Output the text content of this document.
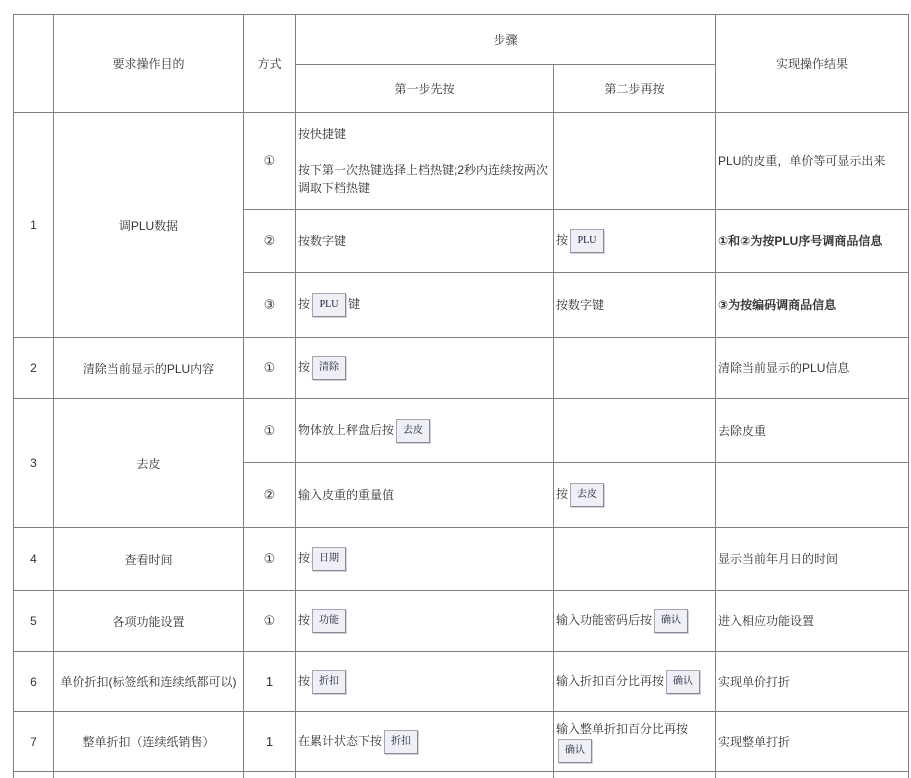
	要求操作目的	方式	步骤		实现操作结果
			第一步先按	第二步再按	
1	调PLU数据	①	按快捷键

按下第一次热键选择上档热键;2秒内连续按两次调取下档热键		PLU的皮重，单价等可显示出来
		②	按数字键	按 PLU	①和②为按PLU序号调商品信息
		③	按 PLU 键	按数字键	③为按编码调商品信息
2	清除当前显示的PLU内容	①	按 清除		清除当前显示的PLU信息
3	去皮	①	物体放上秤盘后按 去皮		去除皮重
		②	输入皮重的重量值	按 去皮	

4	查看时间	①	按 日期		显示当前年月日的时间
5	各项功能设置	①	按 功能	输入功能密码后按 确认	进入相应功能设置
6	单价折扣(标签纸和连续纸都可以)	1	按 折扣	输入折扣百分比再按 确认	实现单价打折
7	整单折扣（连续纸销售）	1	在累计状态下按 折扣	输入整单折扣百分比再按确认	实现整单打折
